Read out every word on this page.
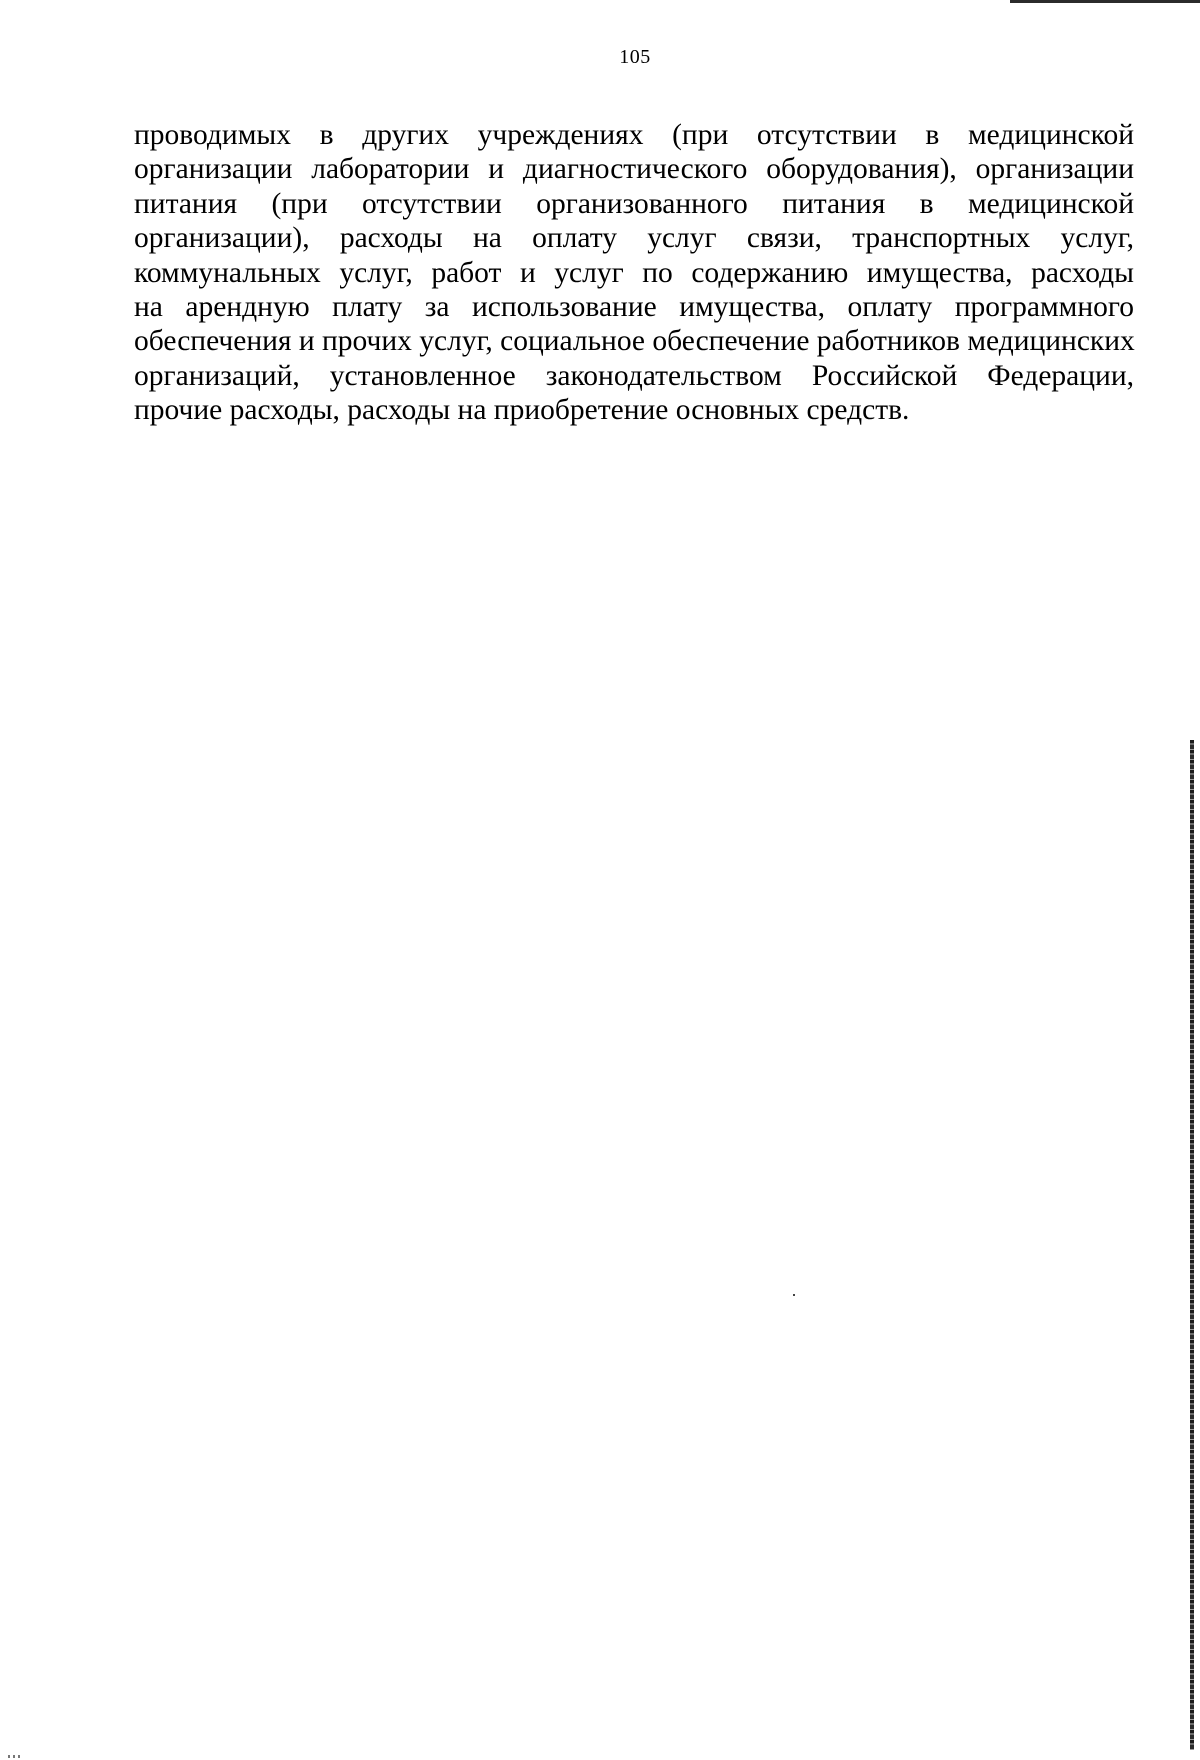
105
проводимых в других учреждениях (при отсутствии в медицинской
организации лаборатории и диагностического оборудования), организации
питания (при отсутствии организованного питания в медицинской
организации), расходы на оплату услуг связи, транспортных услуг,
коммунальных услуг, работ и услуг по содержанию имущества, расходы
на арендную плату за использование имущества, оплату программного
обеспечения и прочих услуг, социальное обеспечение работников медицинских
организаций, установленное законодательством Российской Федерации,
прочие расходы, расходы на приобретение основных средств.
